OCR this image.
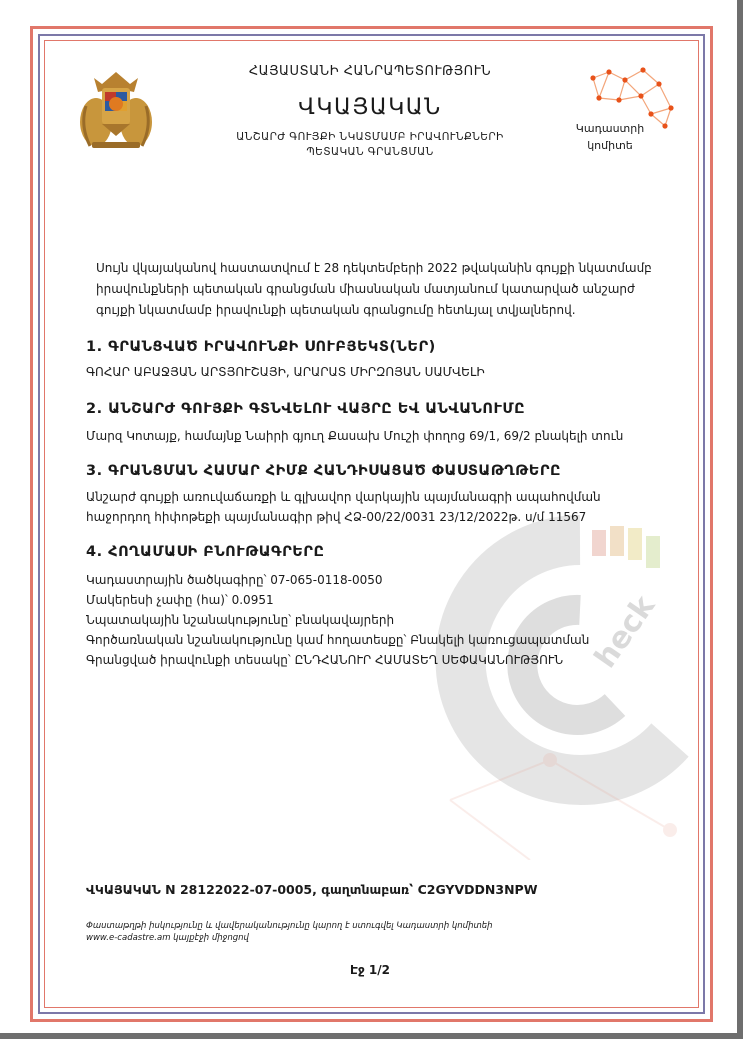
heck
ՀԱՅԱՍՏԱՆԻ ՀԱՆՐԱՊԵՏՈՒԹՅՈՒՆ
ՎԿԱՅԱԿԱՆ
ԱՆՇԱՐԺ ԳՈՒՅՔԻ ՆԿԱՏՄԱՄԲ ԻՐԱՎՈՒՆՔՆԵՐԻ
ՊԵՏԱԿԱՆ ԳՐԱՆՑՄԱՆ
Կադաստրի
կոմիտե
Սույն վկայականով հաստատվում է 28 դեկտեմբերի 2022 թվականին գույքի նկատմամբ
իրավունքների պետական գրանցման միասնական մատյանում կատարված անշարժ
գույքի նկատմամբ իրավունքի պետական գրանցումը հետևյալ տվյալներով.
1. ԳՐԱՆՑՎԱԾ ԻՐԱՎՈՒՆՔԻ ՍՈՒԲՅԵԿՏ(ՆԵՐ)
ԳՈՀԱՐ ԱԲԱՋՅԱՆ ԱՐՏՅՈՒՇԱՅԻ, ԱՐԱՐԱՏ ՄԻՐԶՈՅԱՆ ՍԱՄՎԵԼԻ
2. ԱՆՇԱՐԺ ԳՈՒՅՔԻ ԳՏՆՎԵԼՈՒ ՎԱՅՐԸ ԵՎ ԱՆՎԱՆՈՒՄԸ
Մարզ Կոտայք, համայնք Նաիրի գյուղ Քասախ Մուշի փողոց 69/1, 69/2 բնակելի տուն
3. ԳՐԱՆՑՄԱՆ ՀԱՄԱՐ ՀԻՄՔ ՀԱՆԴԻՍԱՑԱԾ ՓԱՍՏԱԹՂԹԵՐԸ
Անշարժ գույքի առուվաճառքի և գլխավոր վարկային պայմանագրի ապահովման
հաջորդող հիփոթեքի պայմանագիր թիվ ՀՁ-00/22/0031 23/12/2022թ. ս/մ 11567
4. ՀՈՂԱՄԱՍԻ ԲՆՈՒԹԱԳՐԵՐԸ
Կադաստրային ծածկագիրը՝ 07-065-0118-0050
Մակերեսի չափը (հա)՝ 0.0951
Նպատակային նշանակությունը՝ բնակավայրերի
Գործառնական նշանակությունը կամ հողատեսքը՝ Բնակելի կառուցապատման
Գրանցված իրավունքի տեսակը՝ ԸՆԴՀԱՆՈՒՐ ՀԱՄԱՏԵՂ ՍԵՓԱԿԱՆՈՒԹՅՈՒՆ
ՎԿԱՅԱԿԱՆ N 28122022-07-0005, գաղտնաբառ՝ C2GYVDDN3NPW
Փաստաթղթի իսկությունը և վավերականությունը կարող է ստուգվել Կադաստրի կոմիտեի
www.e-cadastre.am կայքէջի միջոցով
Էջ 1/2
